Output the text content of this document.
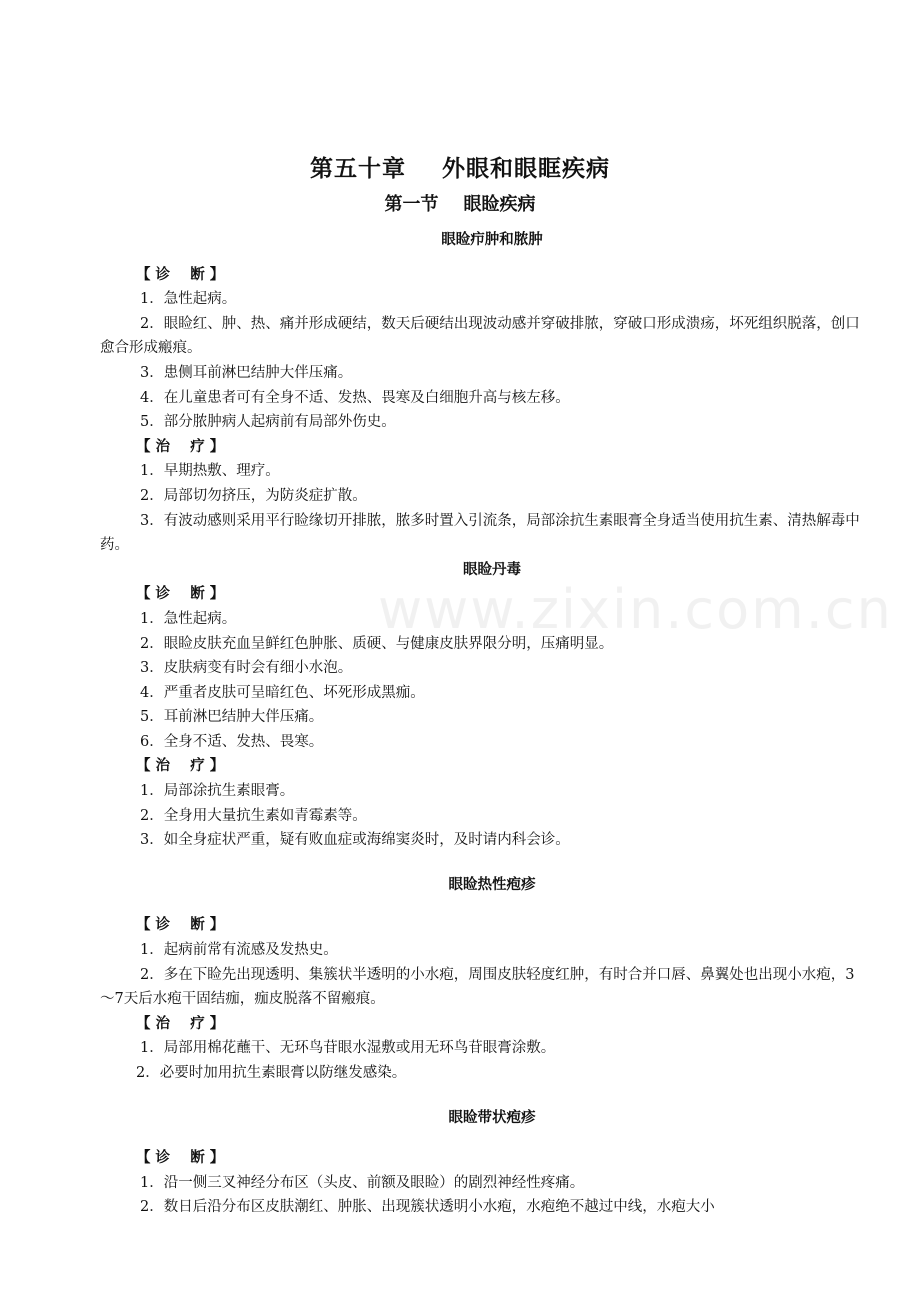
www.zixin.com.cn
第五十章    外眼和眼眶疾病
第一节    眼睑疾病
眼睑疖肿和脓肿
【 诊    断 】
1．急性起病。
2．眼睑红、肿、热、痛并形成硬结，数天后硬结出现波动感并穿破排脓，穿破口形成溃疡，坏死组织脱落，创口愈合形成瘢痕。
3．患侧耳前淋巴结肿大伴压痛。
4．在儿童患者可有全身不适、发热、畏寒及白细胞升高与核左移。
5．部分脓肿病人起病前有局部外伤史。
【 治    疗 】
1．早期热敷、理疗。
2．局部切勿挤压，为防炎症扩散。
3．有波动感则采用平行睑缘切开排脓，脓多时置入引流条，局部涂抗生素眼膏全身适当使用抗生素、清热解毒中药。
眼睑丹毒
【 诊    断 】
1．急性起病。
2．眼睑皮肤充血呈鲜红色肿胀、质硬、与健康皮肤界限分明，压痛明显。
3．皮肤病变有时会有细小水泡。
4．严重者皮肤可呈暗红色、坏死形成黑痂。
5．耳前淋巴结肿大伴压痛。
6．全身不适、发热、畏寒。
【 治    疗 】
1．局部涂抗生素眼膏。
2．全身用大量抗生素如青霉素等。
3．如全身症状严重，疑有败血症或海绵窦炎时，及时请内科会诊。
眼睑热性疱疹
【 诊    断 】
1．起病前常有流感及发热史。
2．多在下睑先出现透明、集簇状半透明的小水疱，周围皮肤轻度红肿，有时合并口唇、鼻翼处也出现小水疱，3～7天后水疱干固结痂，痂皮脱落不留瘢痕。
【 治    疗 】
1．局部用棉花蘸干、无环鸟苷眼水湿敷或用无环鸟苷眼膏涂敷。
2．必要时加用抗生素眼膏以防继发感染。
眼睑带状疱疹
【 诊    断 】
1．沿一侧三叉神经分布区（头皮、前额及眼睑）的剧烈神经性疼痛。
2．数日后沿分布区皮肤潮红、肿胀、出现簇状透明小水疱，水疱绝不越过中线，水疱大小
